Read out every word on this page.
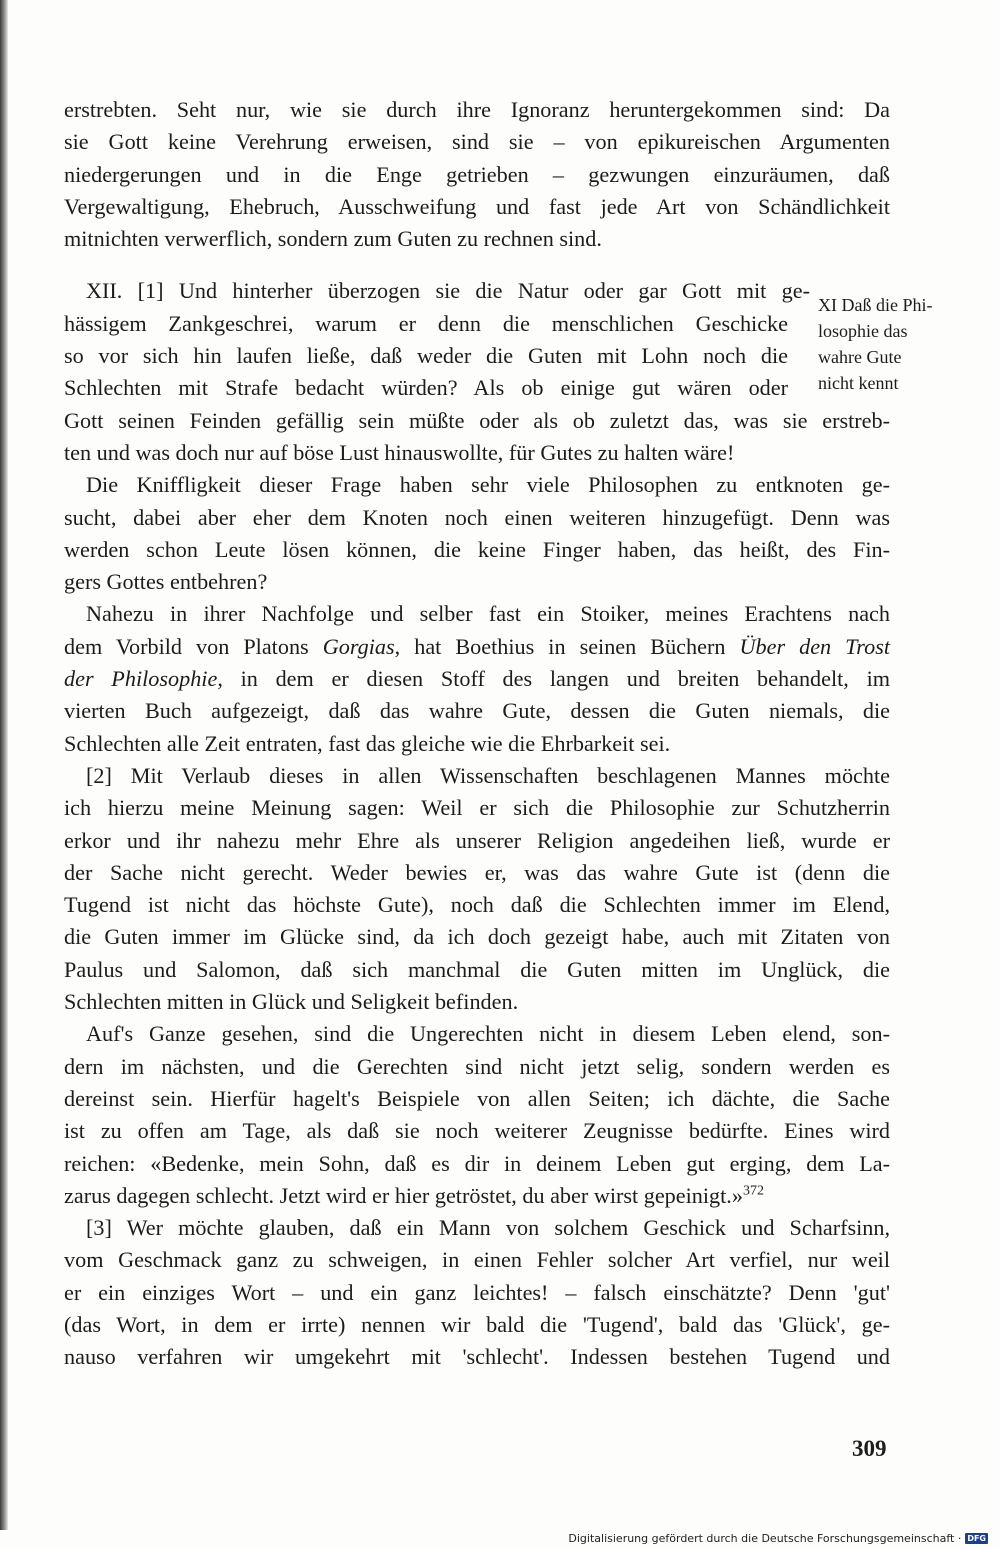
erstrebten. Seht nur, wie sie durch ihre Ignoranz heruntergekommen sind: Da
sie Gott keine Verehrung erweisen, sind sie – von epikureischen Argumenten
niedergerungen und in die Enge getrieben – gezwungen einzuräumen, daß
Vergewaltigung, Ehebruch, Ausschweifung und fast jede Art von Schändlichkeit
mitnichten verwerflich, sondern zum Guten zu rechnen sind.
XII. [1] Und hinterher überzogen sie die Natur oder gar Gott mit ge-
hässigem Zankgeschrei, warum er denn die menschlichen Geschicke
so vor sich hin laufen ließe, daß weder die Guten mit Lohn noch die
Schlechten mit Strafe bedacht würden? Als ob einige gut wären oder
Gott seinen Feinden gefällig sein müßte oder als ob zuletzt das, was sie erstreb-
ten und was doch nur auf böse Lust hinauswollte, für Gutes zu halten wäre!
Die Kniffligkeit dieser Frage haben sehr viele Philosophen zu entknoten ge-
sucht, dabei aber eher dem Knoten noch einen weiteren hinzugefügt. Denn was
werden schon Leute lösen können, die keine Finger haben, das heißt, des Fin-
gers Gottes entbehren?
Nahezu in ihrer Nachfolge und selber fast ein Stoiker, meines Erachtens nach
dem Vorbild von Platons Gorgias, hat Boethius in seinen Büchern Über den Trost
der Philosophie, in dem er diesen Stoff des langen und breiten behandelt, im
vierten Buch aufgezeigt, daß das wahre Gute, dessen die Guten niemals, die
Schlechten alle Zeit entraten, fast das gleiche wie die Ehrbarkeit sei.
[2] Mit Verlaub dieses in allen Wissenschaften beschlagenen Mannes möchte
ich hierzu meine Meinung sagen: Weil er sich die Philosophie zur Schutzherrin
erkor und ihr nahezu mehr Ehre als unserer Religion angedeihen ließ, wurde er
der Sache nicht gerecht. Weder bewies er, was das wahre Gute ist (denn die
Tugend ist nicht das höchste Gute), noch daß die Schlechten immer im Elend,
die Guten immer im Glücke sind, da ich doch gezeigt habe, auch mit Zitaten von
Paulus und Salomon, daß sich manchmal die Guten mitten im Unglück, die
Schlechten mitten in Glück und Seligkeit befinden.
Auf's Ganze gesehen, sind die Ungerechten nicht in diesem Leben elend, son-
dern im nächsten, und die Gerechten sind nicht jetzt selig, sondern werden es
dereinst sein. Hierfür hagelt's Beispiele von allen Seiten; ich dächte, die Sache
ist zu offen am Tage, als daß sie noch weiterer Zeugnisse bedürfte. Eines wird
reichen: «Bedenke, mein Sohn, daß es dir in deinem Leben gut erging, dem La-
zarus dagegen schlecht. Jetzt wird er hier getröstet, du aber wirst gepeinigt.»$^{372}$
[3] Wer möchte glauben, daß ein Mann von solchem Geschick und Scharfsinn,
vom Geschmack ganz zu schweigen, in einen Fehler solcher Art verfiel, nur weil
er ein einziges Wort – und ein ganz leichtes! – falsch einschätzte? Denn 'gut'
(das Wort, in dem er irrte) nennen wir bald die 'Tugend', bald das 'Glück', ge-
nauso verfahren wir umgekehrt mit 'schlecht'. Indessen bestehen Tugend und
XI Daß die Phi-
losophie das
wahre Gute
nicht kennt
309
Digitalisierung gefördert durch die Deutsche Forschungsgemeinschaft · DFG
